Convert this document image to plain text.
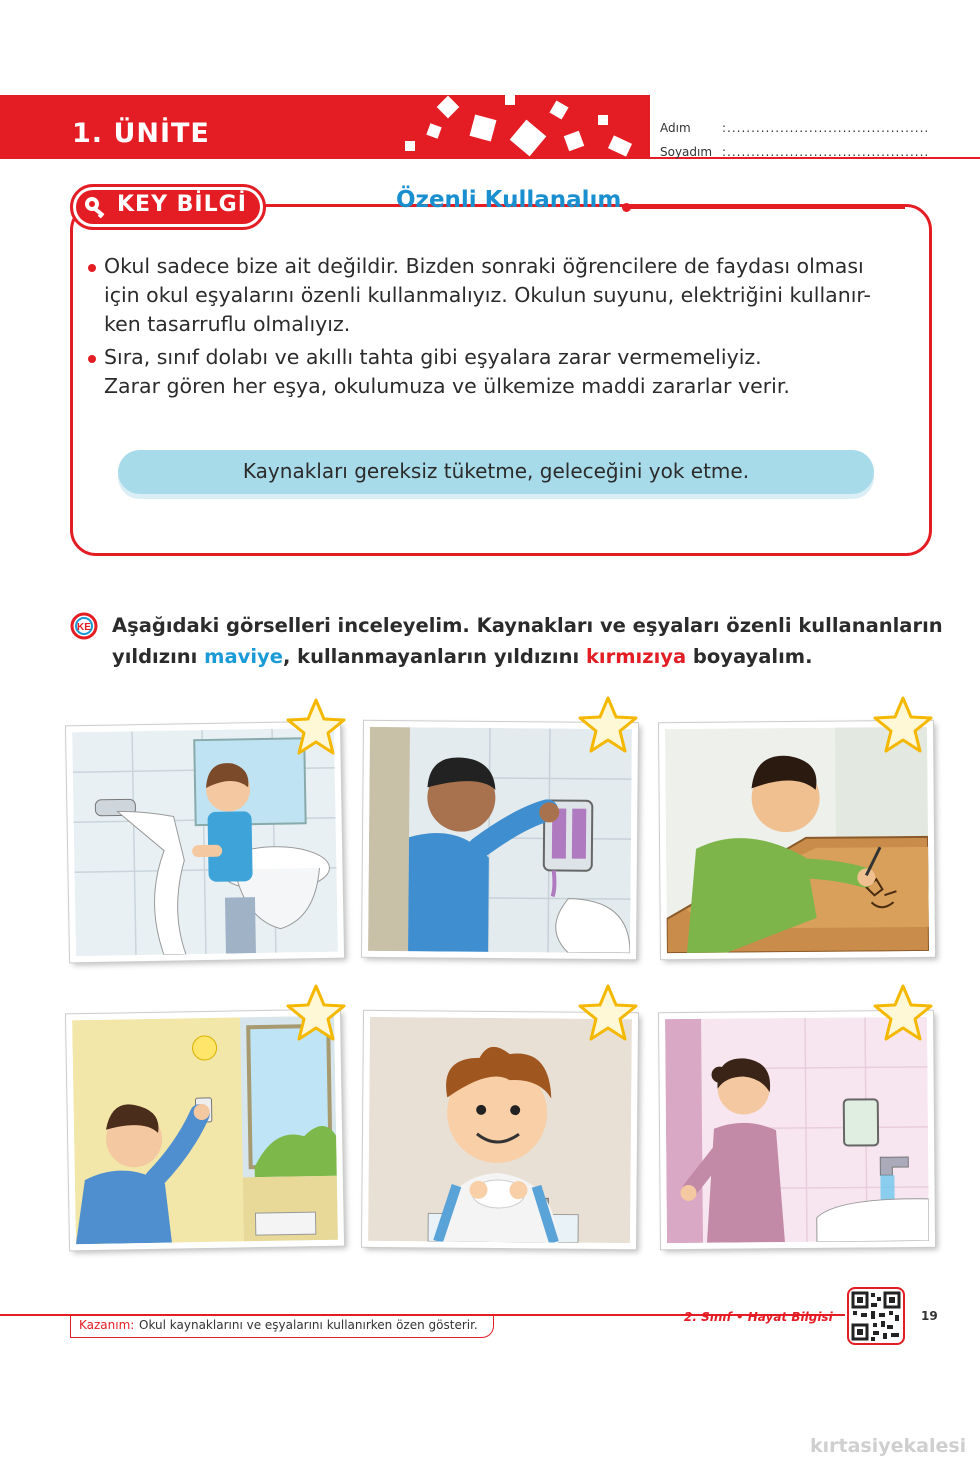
1. ÜNİTE	Adım	:..........................................
Soyadım :..........................................
KEY BİLGİ	Özenli Kullanalım
Okul sadece bize ait değildir. Bizden sonraki öğrencilere de faydası olması
için okul eşyalarını özenli kullanmalıyız. Okulun suyunu, elektriğini kullanır-
ken tasarruflu olmalıyız.
Sıra, sınıf dolabı ve akıllı tahta gibi eşyalara zarar vermemeliyiz.
Zarar gören her eşya, okulumuza ve ülkemize maddi zararlar verir.
Kaynakları gereksiz tüketme, geleceğini yok etme.
KE Aşağıdaki görselleri inceleyelim. Kaynakları ve eşyaları özenli kullananların
yıldızını maviye, kullanmayanların yıldızını kırmızıya boyayalım.
Kazanım: Okul kaynaklarını ve eşyalarını kullanırken özen gösterir.
2. Sınıf • Hayat Bilgisi	19
kırtasiyekalesi
